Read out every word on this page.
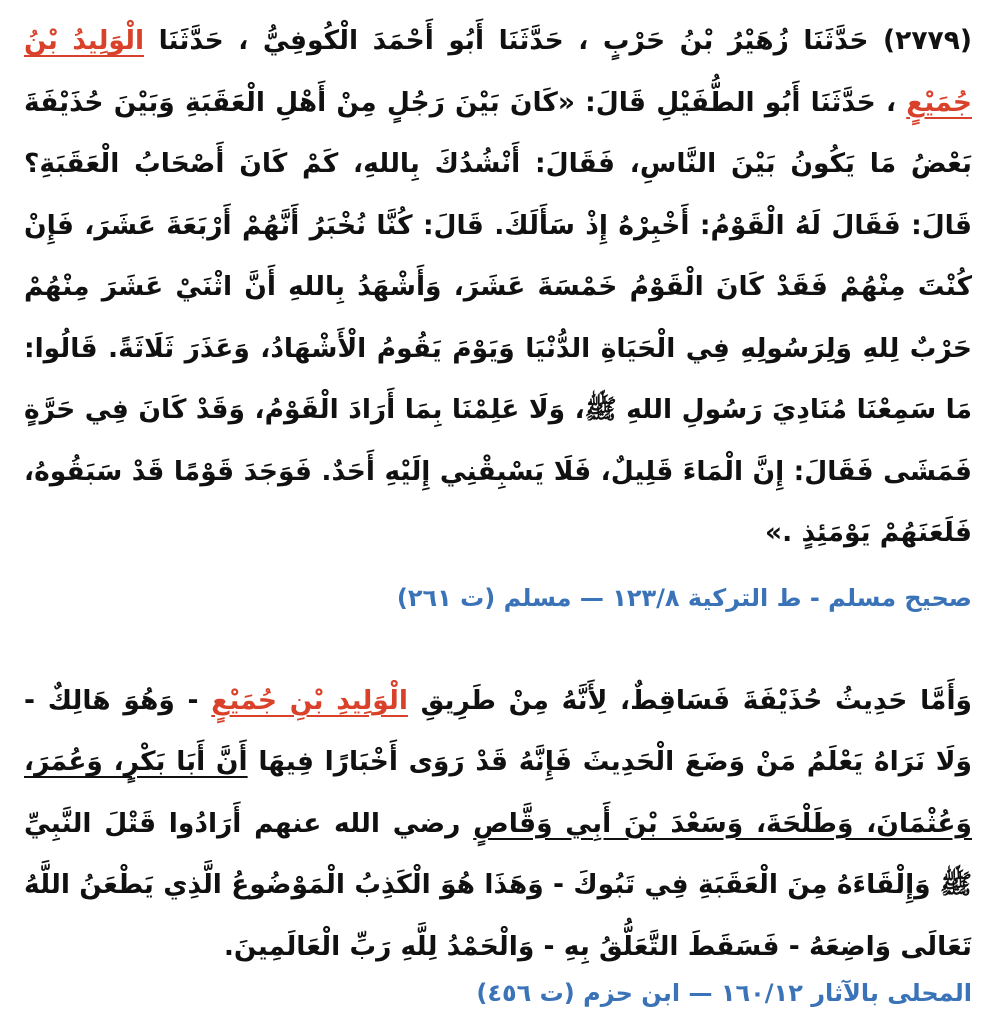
(٢٧٧٩) حَدَّثَنَا زُهَيْرُ بْنُ حَرْبٍ ، حَدَّثَنَا أَبُو أَحْمَدَ الْكُوفِيُّ ، حَدَّثَنَا الْوَلِيدُ بْنُ جُمَيْعٍ ، حَدَّثَنَا أَبُو الطُّفَيْلِ قَالَ: «كَانَ بَيْنَ رَجُلٍ مِنْ أَهْلِ الْعَقَبَةِ وَبَيْنَ حُذَيْفَةَ بَعْضُ مَا يَكُونُ بَيْنَ النَّاسِ، فَقَالَ: أَنْشُدُكَ بِاللهِ، كَمْ كَانَ أَصْحَابُ الْعَقَبَةِ؟ قَالَ: فَقَالَ لَهُ الْقَوْمُ: أَخْبِرْهُ إِذْ سَأَلَكَ. قَالَ: كُنَّا نُخْبَرُ أَنَّهُمْ أَرْبَعَةَ عَشَرَ، فَإِنْ كُنْتَ مِنْهُمْ فَقَدْ كَانَ الْقَوْمُ خَمْسَةَ عَشَرَ، وَأَشْهَدُ بِاللهِ أَنَّ اثْنَيْ عَشَرَ مِنْهُمْ حَرْبٌ لِلهِ وَلِرَسُولِهِ فِي الْحَيَاةِ الدُّنْيَا وَيَوْمَ يَقُومُ الْأَشْهَادُ، وَعَذَرَ ثَلَاثَةً. قَالُوا: مَا سَمِعْنَا مُنَادِيَ رَسُولِ اللهِ ﷺ، وَلَا عَلِمْنَا بِمَا أَرَادَ الْقَوْمُ، وَقَدْ كَانَ فِي حَرَّةٍ فَمَشَى فَقَالَ: إِنَّ الْمَاءَ قَلِيلٌ، فَلَا يَسْبِقْنِي إِلَيْهِ أَحَدٌ. فَوَجَدَ قَوْمًا قَدْ سَبَقُوهُ، فَلَعَنَهُمْ يَوْمَئِذٍ .»

صحيح مسلم - ط التركية ١٢٣/٨ — مسلم (ت ٢٦١)

وَأَمَّا حَدِيثُ حُذَيْفَةَ فَسَاقِطٌ، لِأَنَّهُ مِنْ طَرِيقِ الْوَلِيدِ بْنِ جُمَيْعٍ - وَهُوَ هَالِكٌ - وَلَا نَرَاهُ يَعْلَمُ مَنْ وَضَعَ الْحَدِيثَ فَإِنَّهُ قَدْ رَوَى أَخْبَارًا فِيهَا أَنَّ أَبَا بَكْرٍ، وَعُمَرَ، وَعُثْمَانَ، وَطَلْحَةَ، وَسَعْدَ بْنَ أَبِي وَقَّاصٍ رضي الله عنهم أَرَادُوا قَتْلَ النَّبِيِّ ﷺ وَإِلْقَاءَهُ مِنَ الْعَقَبَةِ فِي تَبُوكَ - وَهَذَا هُوَ الْكَذِبُ الْمَوْضُوعُ الَّذِي يَطْعَنُ اللَّهُ تَعَالَى وَاضِعَهُ - فَسَقَطَ التَّعَلُّقُ بِهِ - وَالْحَمْدُ لِلَّهِ رَبِّ الْعَالَمِينَ.

المحلى بالآثار ١٦٠/١٢ — ابن حزم (ت ٤٥٦)
